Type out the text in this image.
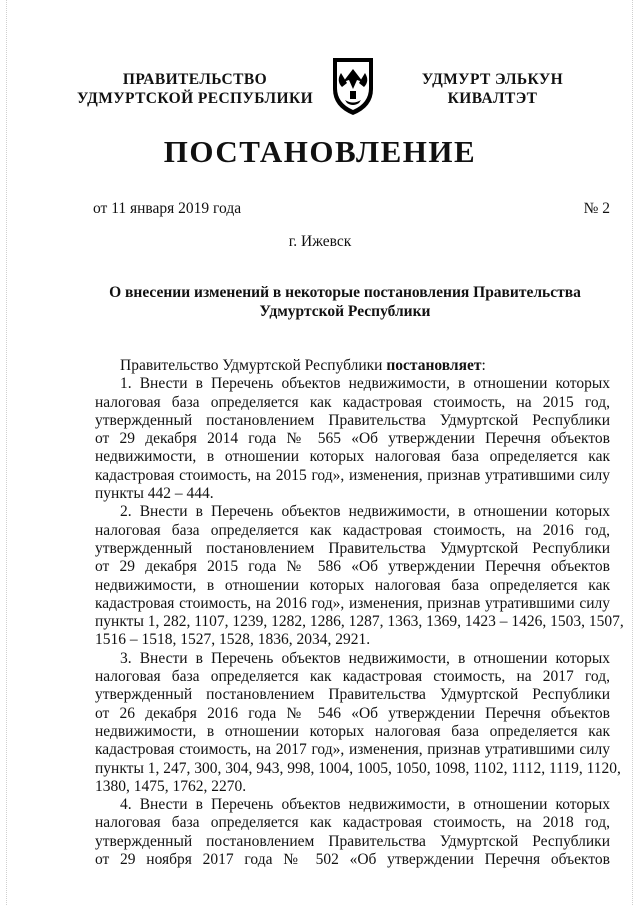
ПРАВИТЕЛЬСТВО
УДМУРТСКОЙ РЕСПУБЛИКИ
УДМУРТ ЭЛЬКУН
КИВАЛТЭТ
ПОСТАНОВЛЕНИЕ
от 11 января 2019 года	№ 2
г. Ижевск
О внесении изменений в некоторые постановления Правительства
Удмуртской Республики
Правительство Удмуртской Республики постановляет:
1. Внести в Перечень объектов недвижимости, в отношении которых
налоговая база определяется как кадастровая стоимость, на 2015 год,
утвержденный постановлением Правительства Удмуртской Республики
от 29 декабря 2014 года № 565 «Об утверждении Перечня объектов
недвижимости, в отношении которых налоговая база определяется как
кадастровая стоимость, на 2015 год», изменения, признав утратившими силу
пункты 442 – 444.
2. Внести в Перечень объектов недвижимости, в отношении которых
налоговая база определяется как кадастровая стоимость, на 2016 год,
утвержденный постановлением Правительства Удмуртской Республики
от 29 декабря 2015 года № 586 «Об утверждении Перечня объектов
недвижимости, в отношении которых налоговая база определяется как
кадастровая стоимость, на 2016 год», изменения, признав утратившими силу
пункты 1, 282, 1107, 1239, 1282, 1286, 1287, 1363, 1369, 1423 – 1426, 1503, 1507,
1516 – 1518, 1527, 1528, 1836, 2034, 2921.
3. Внести в Перечень объектов недвижимости, в отношении которых
налоговая база определяется как кадастровая стоимость, на 2017 год,
утвержденный постановлением Правительства Удмуртской Республики
от 26 декабря 2016 года № 546 «Об утверждении Перечня объектов
недвижимости, в отношении которых налоговая база определяется как
кадастровая стоимость, на 2017 год», изменения, признав утратившими силу
пункты 1, 247, 300, 304, 943, 998, 1004, 1005, 1050, 1098, 1102, 1112, 1119, 1120,
1380, 1475, 1762, 2270.
4. Внести в Перечень объектов недвижимости, в отношении которых
налоговая база определяется как кадастровая стоимость, на 2018 год,
утвержденный постановлением Правительства Удмуртской Республики
от 29 ноября 2017 года № 502 «Об утверждении Перечня объектов
